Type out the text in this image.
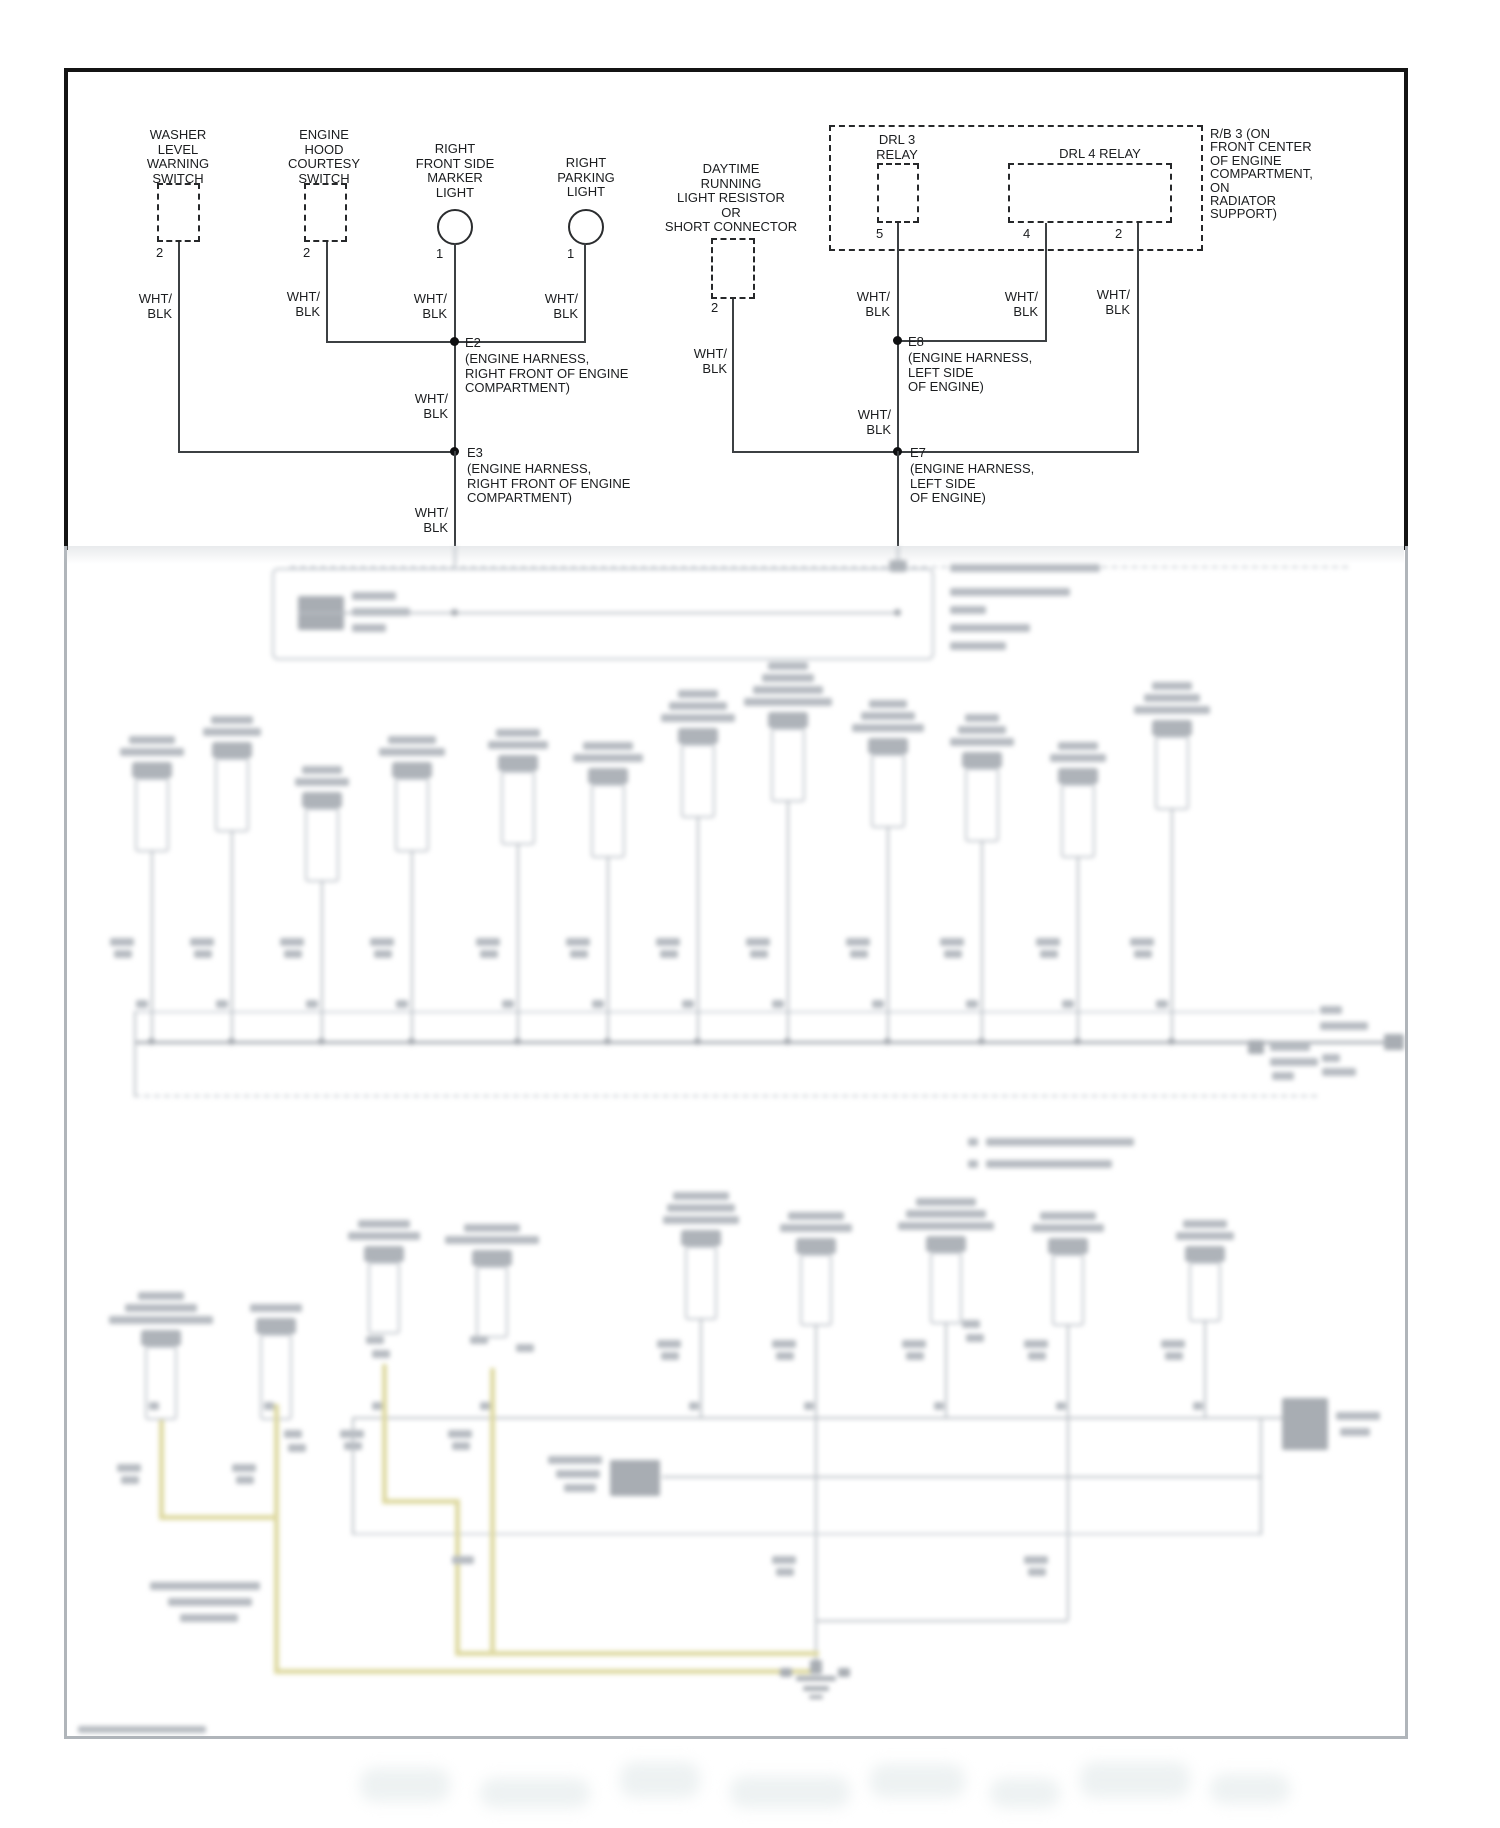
WASHER
LEVEL
WARNING
SWITCH
2
ENGINE
HOOD
COURTESY
SWITCH
2
RIGHT
FRONT SIDE
MARKER
LIGHT
1
RIGHT
PARKING
LIGHT
1
E2
(ENGINE HARNESS,
RIGHT FRONT OF ENGINE
COMPARTMENT)
E3
(ENGINE HARNESS,
RIGHT FRONT OF ENGINE
COMPARTMENT)
DAYTIME
RUNNING
LIGHT RESISTOR
OR
SHORT CONNECTOR
2
R/B 3 (ON
FRONT CENTER
OF ENGINE
COMPARTMENT,
ON
RADIATOR
SUPPORT)
DRL 3
RELAY
5
DRL 4 RELAY
4	2
E8
(ENGINE HARNESS,
LEFT SIDE
OF ENGINE)
E7
(ENGINE HARNESS,
LEFT SIDE
OF ENGINE)
WHT/
BLK
WHT/
BLK
WHT/
BLK
WHT/
BLK
WHT/
BLK
WHT/
BLK
WHT/
BLK
WHT/
BLK
WHT/
BLK	WHT/
BLK
WHT/
BLK
